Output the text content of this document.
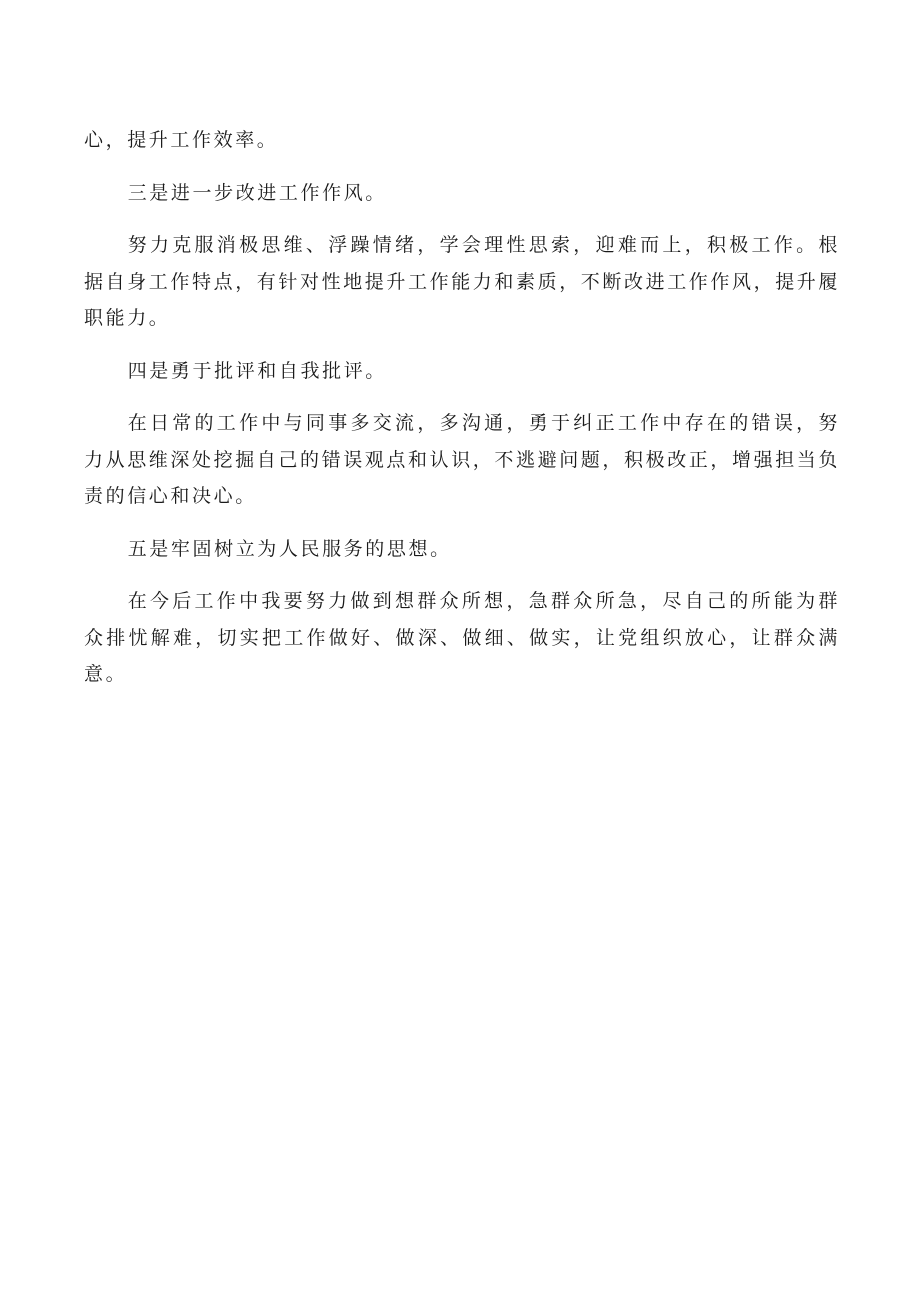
心，提升工作效率。

三是进一步改进工作作风。

努力克服消极思维、浮躁情绪，学会理性思索，迎难而上，积极工作。根据自身工作特点，有针对性地提升工作能力和素质，不断改进工作作风，提升履职能力。

四是勇于批评和自我批评。

在日常的工作中与同事多交流，多沟通，勇于纠正工作中存在的错误，努力从思维深处挖掘自己的错误观点和认识，不逃避问题，积极改正，增强担当负责的信心和决心。

五是牢固树立为人民服务的思想。

在今后工作中我要努力做到想群众所想，急群众所急，尽自己的所能为群众排忧解难，切实把工作做好、做深、做细、做实，让党组织放心，让群众满意。
